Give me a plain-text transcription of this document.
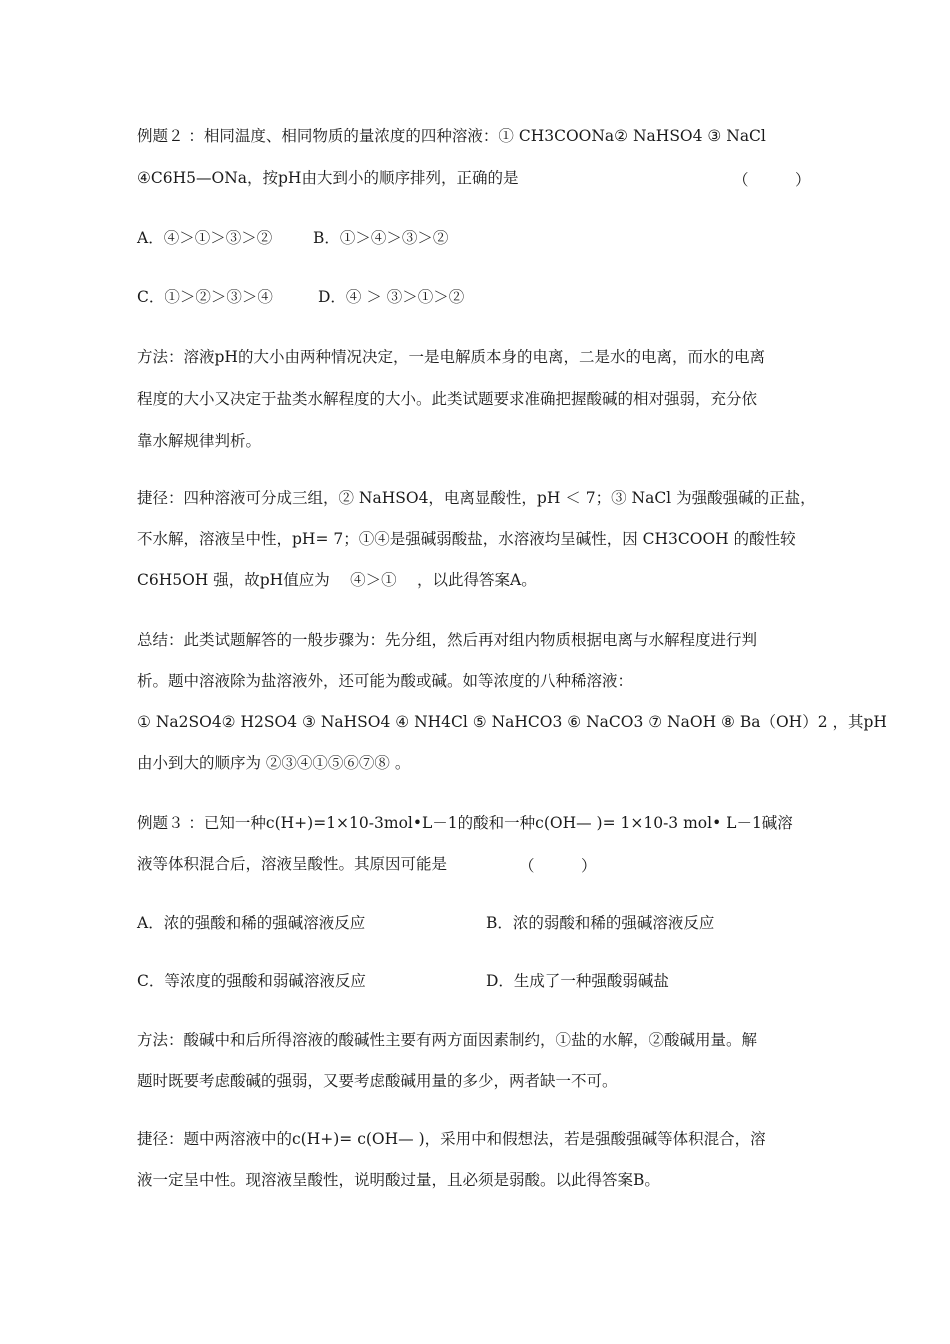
例题２ ：相同温度、相同物质的量浓度的四种溶液：① CH3COONa② NaHSO4 ③ NaCl
④C6H5—ONa，按pH由大到小的顺序排列，正确的是	（　　　）
A．④＞①＞③＞②	B．①＞④＞③＞②
C．①＞②＞③＞④	D．④ ＞ ③＞①＞②
方法：溶液pH的大小由两种情况决定，一是电解质本身的电离，二是水的电离，而水的电离
程度的大小又决定于盐类水解程度的大小。此类试题要求准确把握酸碱的相对强弱，充分依
靠水解规律判析。
捷径：四种溶液可分成三组，② NaHSO4，电离显酸性，pH ＜ 7；③ NaCl 为强酸强碱的正盐，
不水解，溶液呈中性，pH= 7；①④是强碱弱酸盐，水溶液均呈碱性，因 CH3COOH 的酸性较
C6H5OH 强，故pH值应为　 ④＞①　 ，以此得答案A。
总结：此类试题解答的一般步骤为：先分组，然后再对组内物质根据电离与水解程度进行判
析。题中溶液除为盐溶液外，还可能为酸或碱。如等浓度的八种稀溶液：
① Na2SO4② H2SO4 ③ NaHSO4 ④ NH4Cl ⑤ NaHCO3 ⑥ NaCO3 ⑦ NaOH ⑧ Ba（OH）2 ，其pH
由小到大的顺序为 ②③④①⑤⑥⑦⑧ 。
例题３ ：已知一种c(H+)=1×10-3mol•L－1的酸和一种c(OH— )= 1×10-3 mol• L－1碱溶
液等体积混合后，溶液呈酸性。其原因可能是	（　　　）
A．浓的强酸和稀的强碱溶液反应	B．浓的弱酸和稀的强碱溶液反应
C．等浓度的强酸和弱碱溶液反应	D．生成了一种强酸弱碱盐
方法：酸碱中和后所得溶液的酸碱性主要有两方面因素制约，①盐的水解，②酸碱用量。解
题时既要考虑酸碱的强弱，又要考虑酸碱用量的多少，两者缺一不可。
捷径：题中两溶液中的c(H+)= c(OH— )，采用中和假想法，若是强酸强碱等体积混合，溶
液一定呈中性。现溶液呈酸性，说明酸过量，且必须是弱酸。以此得答案B。
